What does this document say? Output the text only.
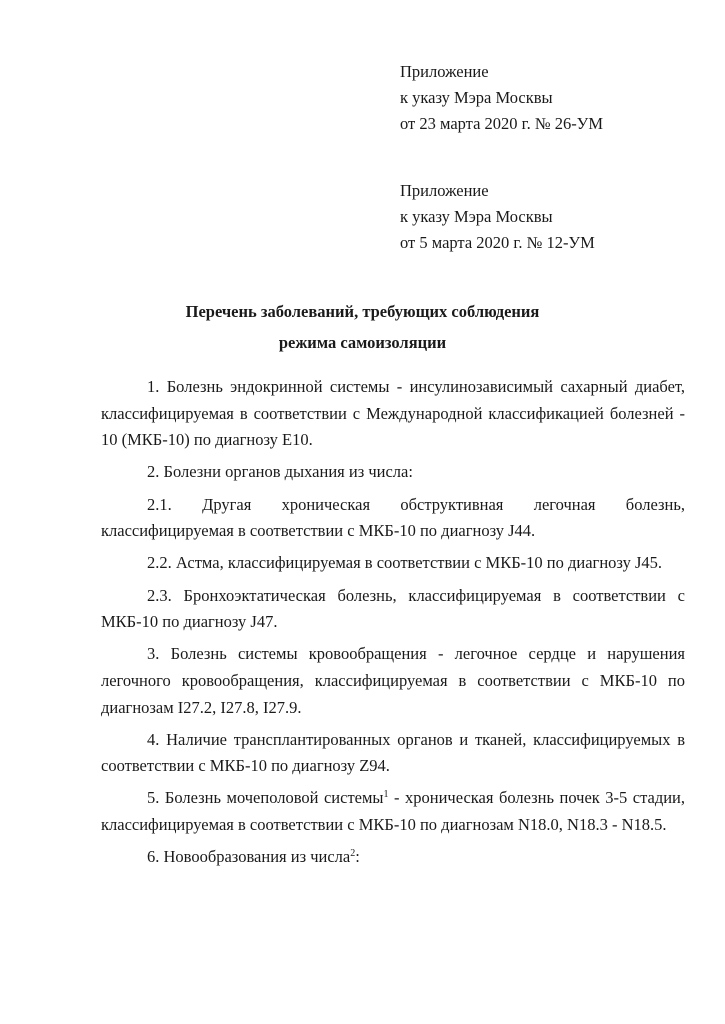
Приложение
к указу Мэра Москвы
от 23 марта 2020 г. № 26-УМ
Приложение
к указу Мэра Москвы
от 5 марта 2020 г. № 12-УМ
Перечень заболеваний, требующих соблюдения
режима самоизоляции

1. Болезнь эндокринной системы - инсулинозависимый сахарный диабет, классифицируемая в соответствии с Международной классификацией болезней - 10 (МКБ-10) по диагнозу E10.

2. Болезни органов дыхания из числа:

2.1. Другая хроническая обструктивная легочная болезнь, классифицируемая в соответствии с МКБ-10 по диагнозу J44.

2.2. Астма, классифицируемая в соответствии с МКБ-10 по диагнозу J45.

2.3. Бронхоэктатическая болезнь, классифицируемая в соответствии с МКБ-10 по диагнозу J47.

3. Болезнь системы кровообращения - легочное сердце и нарушения легочного кровообращения, классифицируемая в соответствии с МКБ-10 по диагнозам I27.2, I27.8, I27.9.

4. Наличие трансплантированных органов и тканей, классифицируемых в соответствии с МКБ-10 по диагнозу Z94.

5. Болезнь мочеполовой системы$^1$ - хроническая болезнь почек 3-5 стадии, классифицируемая в соответствии с МКБ-10 по диагнозам N18.0, N18.3 - N18.5.

6. Новообразования из числа$^2$:
